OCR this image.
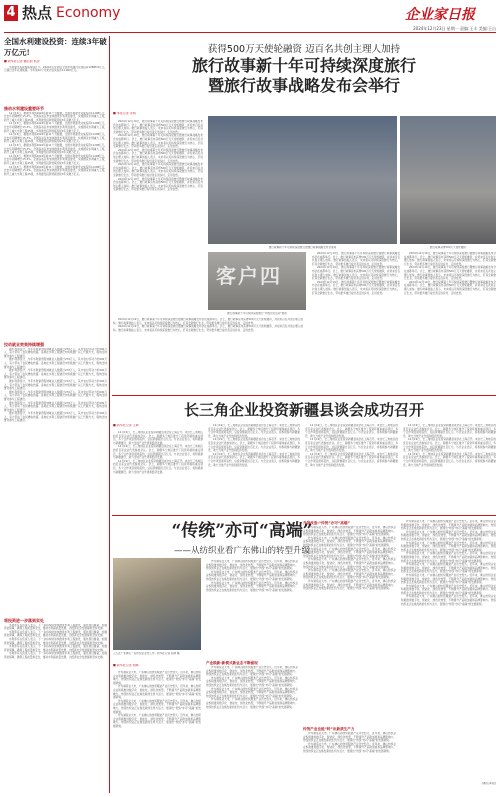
4 热点 Economy	企业家日报
2024年12月23日 星期一 责编:王丰 美编:王山
全国水利建设投资：连续3年破万亿元!
■ 新华社记者 魏弘毅 熊翌

水利建设投资规模持续扩大。2024年1至10月全国水利建设完成投资10888.5亿元，已超过全年完成规模。今年前10个月累计落实投资11,000亿元。

推动水利建设重要环节

12月13日，根据水利部2024年前11个月数据，全国水利建设完成投资11208亿元，比去年同期增长15.3%。全国各省区市加快推进水利项目建设，实施国家水网重大工程，新开工重大水利工程45项，水利建设投资规模连续3年突破万亿元。

12月13日，根据水利部2024年前11个月数据，全国水利建设完成投资11208亿元，比去年同期增长15.3%。全国各省区市加快推进水利项目建设，实施国家水网重大工程，新开工重大水利工程45项，水利建设投资规模连续3年突破万亿元。

12月13日，根据水利部2024年前11个月数据，全国水利建设完成投资11208亿元，比去年同期增长15.3%。全国各省区市加快推进水利项目建设，实施国家水网重大工程，新开工重大水利工程45项，水利建设投资规模连续3年突破万亿元。

12月13日，根据水利部2024年前11个月数据，全国水利建设完成投资11208亿元，比去年同期增长15.3%。全国各省区市加快推进水利项目建设，实施国家水网重大工程，新开工重大水利工程45项，水利建设投资规模连续3年突破万亿元。

12月13日，根据水利部2024年前11个月数据，全国水利建设完成投资11208亿元，比去年同期增长15.3%。全国各省区市加快推进水利项目建设，实施国家水网重大工程，新开工重大水利工程45项，水利建设投资规模连续3年突破万亿元。

12月13日，根据水利部2024年前11个月数据，全国水利建设完成投资11208亿元，比去年同期增长15.3%。全国各省区市加快推进水利项目建设，实施国家水网重大工程，新开工重大水利工程45项，水利建设投资规模连续3年突破万亿元。

拉动就业效果持续增强

据水利部统计，今年水利建设吸纳就业人数超过270万人，其中农村劳动力约200万人，有力带动了农民增收致富。各地在水利工程建设中积极推广以工代赈方式，吸纳当地群众参与工程建设。

据水利部统计，今年水利建设吸纳就业人数超过270万人，其中农村劳动力约200万人，有力带动了农民增收致富。各地在水利工程建设中积极推广以工代赈方式，吸纳当地群众参与工程建设。

据水利部统计，今年水利建设吸纳就业人数超过270万人，其中农村劳动力约200万人，有力带动了农民增收致富。各地在水利工程建设中积极推广以工代赈方式，吸纳当地群众参与工程建设。

据水利部统计，今年水利建设吸纳就业人数超过270万人，其中农村劳动力约200万人，有力带动了农民增收致富。各地在水利工程建设中积极推广以工代赈方式，吸纳当地群众参与工程建设。

据水利部统计，今年水利建设吸纳就业人数超过270万人，其中农村劳动力约200万人，有力带动了农民增收致富。各地在水利工程建设中积极推广以工代赈方式，吸纳当地群众参与工程建设。

据水利部统计，今年水利建设吸纳就业人数超过270万人，其中农村劳动力约200万人，有力带动了农民增收致富。各地在水利工程建设中积极推广以工代赈方式，吸纳当地群众参与工程建设。

据水利部统计，今年水利建设吸纳就业人数超过270万人，其中农村劳动力约200万人，有力带动了农民增收致富。各地在水利工程建设中积极推广以工代赈方式，吸纳当地群众参与工程建设。

将投资进一步落到实处

水利部有关负责人表示，下一步将持续加快推进水利工程建设，强化项目储备，加强资金保障，确保工程质量和安全，推动水利高质量发展，为经济社会发展提供坚实支撑。

水利部有关负责人表示，下一步将持续加快推进水利工程建设，强化项目储备，加强资金保障，确保工程质量和安全，推动水利高质量发展，为经济社会发展提供坚实支撑。

水利部有关负责人表示，下一步将持续加快推进水利工程建设，强化项目储备，加强资金保障，确保工程质量和安全，推动水利高质量发展，为经济社会发展提供坚实支撑。

水利部有关负责人表示，下一步将持续加快推进水利工程建设，强化项目储备，加强资金保障，确保工程质量和安全，推动水利高质量发展，为经济社会发展提供坚实支撑。

水利部有关负责人表示，下一步将持续加快推进水利工程建设，强化项目储备，加强资金保障，确保工程质量和安全，推动水利高质量发展，为经济社会发展提供坚实支撑。

获得500万天使轮融资 迈百名共创主理人加持
旅行故事新十年可持续深度旅行
暨旅行故事战略发布会举行
■ 本报记者 李明

2024年12月19日，旅行故事第十年可持续深度旅行暨旅行故事战略发布会在成都举行。会上，旅行故事宣布获得500万元天使轮融资，并迎来百名共创主理人加持。旅行故事创始人表示，未来将以可持续深度旅行为核心，打造全新旅行生态，带动更多旅行爱好者走进乡村、走进自然。

2024年12月19日，旅行故事第十年可持续深度旅行暨旅行故事战略发布会在成都举行。会上，旅行故事宣布获得500万元天使轮融资，并迎来百名共创主理人加持。旅行故事创始人表示，未来将以可持续深度旅行为核心，打造全新旅行生态，带动更多旅行爱好者走进乡村、走进自然。

2024年12月19日，旅行故事第十年可持续深度旅行暨旅行故事战略发布会在成都举行。会上，旅行故事宣布获得500万元天使轮融资，并迎来百名共创主理人加持。旅行故事创始人表示，未来将以可持续深度旅行为核心，打造全新旅行生态，带动更多旅行爱好者走进乡村、走进自然。

2024年12月19日，旅行故事第十年可持续深度旅行暨旅行故事战略发布会在成都举行。会上，旅行故事宣布获得500万元天使轮融资，并迎来百名共创主理人加持。旅行故事创始人表示，未来将以可持续深度旅行为核心，打造全新旅行生态，带动更多旅行爱好者走进乡村、走进自然。

2024年12月19日，旅行故事第十年可持续深度旅行暨旅行故事战略发布会在成都举行。会上，旅行故事宣布获得500万元天使轮融资，并迎来百名共创主理人加持。旅行故事创始人表示，未来将以可持续深度旅行为核心，打造全新旅行生态，带动更多旅行爱好者走进乡村、走进自然。

旅行故事新十年可持续深度旅行暨旅行故事战略发布会现场	旅行故事获得500万天使轮融资
客户四
旅行故事新十年可持续深度旅行“中国会员活动”现场

2024年12月19日，旅行故事第十年可持续深度旅行暨旅行故事战略发布会在成都举行。会上，旅行故事宣布获得500万元天使轮融资，并迎来百名共创主理人加持。旅行故事创始人表示，未来将以可持续深度旅行为核心，打造全新旅行生态，带动更多旅行爱好者走进乡村、走进自然。

2024年12月19日，旅行故事第十年可持续深度旅行暨旅行故事战略发布会在成都举行。会上，旅行故事宣布获得500万元天使轮融资，并迎来百名共创主理人加持。旅行故事创始人表示，未来将以可持续深度旅行为核心，打造全新旅行生态，带动更多旅行爱好者走进乡村、走进自然。

2024年12月19日，旅行故事第十年可持续深度旅行暨旅行故事战略发布会在成都举行。会上，旅行故事宣布获得500万元天使轮融资，并迎来百名共创主理人加持。旅行故事创始人表示，未来将以可持续深度旅行为核心，打造全新旅行生态，带动更多旅行爱好者走进乡村、走进自然。

2024年12月19日，旅行故事第十年可持续深度旅行暨旅行故事战略发布会在成都举行。会上，旅行故事宣布获得500万元天使轮融资，并迎来百名共创主理人加持。旅行故事创始人表示，未来将以可持续深度旅行为核心，打造全新旅行生态，带动更多旅行爱好者走进乡村、走进自然。

2024年12月19日，旅行故事第十年可持续深度旅行暨旅行故事战略发布会在成都举行。会上，旅行故事宣布获得500万元天使轮融资，并迎来百名共创主理人加持。旅行故事创始人表示，未来将以可持续深度旅行为核心，打造全新旅行生态，带动更多旅行爱好者走进乡村、走进自然。

2024年12月19日，旅行故事第十年可持续深度旅行暨旅行故事战略发布会在成都举行。会上，旅行故事宣布获得500万元天使轮融资，并迎来百名共创主理人加持。旅行故事创始人表示，未来将以可持续深度旅行为核心，打造全新旅行生态，带动更多旅行爱好者走进乡村、走进自然。

2024年12月19日，旅行故事第十年可持续深度旅行暨旅行故事战略发布会在成都举行。会上，旅行故事宣布获得500万元天使轮融资，并迎来百名共创主理人加持。旅行故事创始人表示，未来将以可持续深度旅行为核心，打造全新旅行生态，带动更多旅行爱好者走进乡村、走进自然。

2024年12月19日，旅行故事第十年可持续深度旅行暨旅行故事战略发布会在成都举行。会上，旅行故事宣布获得500万元天使轮融资，并迎来百名共创主理人加持。旅行故事创始人表示，未来将以可持续深度旅行为核心，打造全新旅行生态，带动更多旅行爱好者走进乡村、走进自然。

长三角企业投资新疆县谈会成功召开
■ 新华社记者 王林

12月19日，长三角地区企业投资新疆县谈会在上海召开。来自长三角地区的近百家企业代表参加会议。会上，新疆多个地区推介了投资环境和重点项目，多个合作项目现场签约，总投资额超过百亿元。与会企业表示，将积极参与新疆建设，助力当地产业升级和经济发展。

12月19日，长三角地区企业投资新疆县谈会在上海召开。来自长三角地区的近百家企业代表参加会议。会上，新疆多个地区推介了投资环境和重点项目，多个合作项目现场签约，总投资额超过百亿元。与会企业表示，将积极参与新疆建设，助力当地产业升级和经济发展。

12月19日，长三角地区企业投资新疆县谈会在上海召开。来自长三角地区的近百家企业代表参加会议。会上，新疆多个地区推介了投资环境和重点项目，多个合作项目现场签约，总投资额超过百亿元。与会企业表示，将积极参与新疆建设，助力当地产业升级和经济发展。

12月19日，长三角地区企业投资新疆县谈会在上海召开。来自长三角地区的近百家企业代表参加会议。会上，新疆多个地区推介了投资环境和重点项目，多个合作项目现场签约，总投资额超过百亿元。与会企业表示，将积极参与新疆建设，助力当地产业升级和经济发展。

12月19日，长三角地区企业投资新疆县谈会在上海召开。来自长三角地区的近百家企业代表参加会议。会上，新疆多个地区推介了投资环境和重点项目，多个合作项目现场签约，总投资额超过百亿元。与会企业表示，将积极参与新疆建设，助力当地产业升级和经济发展。

12月19日，长三角地区企业投资新疆县谈会在上海召开。来自长三角地区的近百家企业代表参加会议。会上，新疆多个地区推介了投资环境和重点项目，多个合作项目现场签约，总投资额超过百亿元。与会企业表示，将积极参与新疆建设，助力当地产业升级和经济发展。

12月19日，长三角地区企业投资新疆县谈会在上海召开。来自长三角地区的近百家企业代表参加会议。会上，新疆多个地区推介了投资环境和重点项目，多个合作项目现场签约，总投资额超过百亿元。与会企业表示，将积极参与新疆建设，助力当地产业升级和经济发展。

12月19日，长三角地区企业投资新疆县谈会在上海召开。来自长三角地区的近百家企业代表参加会议。会上，新疆多个地区推介了投资环境和重点项目，多个合作项目现场签约，总投资额超过百亿元。与会企业表示，将积极参与新疆建设，助力当地产业升级和经济发展。

12月19日，长三角地区企业投资新疆县谈会在上海召开。来自长三角地区的近百家企业代表参加会议。会上，新疆多个地区推介了投资环境和重点项目，多个合作项目现场签约，总投资额超过百亿元。与会企业表示，将积极参与新疆建设，助力当地产业升级和经济发展。

12月19日，长三角地区企业投资新疆县谈会在上海召开。来自长三角地区的近百家企业代表参加会议。会上，新疆多个地区推介了投资环境和重点项目，多个合作项目现场签约，总投资额超过百亿元。与会企业表示，将积极参与新疆建设，助力当地产业升级和经济发展。

12月19日，长三角地区企业投资新疆县谈会在上海召开。来自长三角地区的近百家企业代表参加会议。会上，新疆多个地区推介了投资环境和重点项目，多个合作项目现场签约，总投资额超过百亿元。与会企业表示，将积极参与新疆建设，助力当地产业升级和经济发展。

12月19日，长三角地区企业投资新疆县谈会在上海召开。来自长三角地区的近百家企业代表参加会议。会上，新疆多个地区推介了投资环境和重点项目，多个合作项目现场签约，总投资额超过百亿元。与会企业表示，将积极参与新疆建设，助力当地产业升级和经济发展。

“传统”亦可“高端”
——从纺织业看广东佛山的转型升级
工人在广东佛山一家纺织企业内工作。新华社记者 胡林 摄
■ 新华社记者 胡林

作为制造业大市，广东佛山的纺织服装产业历史悠久。近年来，佛山纺织企业积极推进数字化、智能化、绿色化转型，不断提升产品附加值和品牌影响力。传统纺织业正在焕发新的生机与活力，展现出“传统”亦可“高端”的发展新貌。

作为制造业大市，广东佛山的纺织服装产业历史悠久。近年来，佛山纺织企业积极推进数字化、智能化、绿色化转型，不断提升产品附加值和品牌影响力。传统纺织业正在焕发新的生机与活力，展现出“传统”亦可“高端”的发展新貌。

作为制造业大市，广东佛山的纺织服装产业历史悠久。近年来，佛山纺织企业积极推进数字化、智能化、绿色化转型，不断提升产品附加值和品牌影响力。传统纺织业正在焕发新的生机与活力，展现出“传统”亦可“高端”的发展新貌。

作为制造业大市，广东佛山的纺织服装产业历史悠久。近年来，佛山纺织企业积极推进数字化、智能化、绿色化转型，不断提升产品附加值和品牌影响力。传统纺织业正在焕发新的生机与活力，展现出“传统”亦可“高端”的发展新貌。

作为制造业大市，广东佛山的纺织服装产业历史悠久。近年来，佛山纺织企业积极推进数字化、智能化、绿色化转型，不断提升产品附加值和品牌影响力。传统纺织业正在焕发新的生机与活力，展现出“传统”亦可“高端”的发展新貌。

作为制造业大市，广东佛山的纺织服装产业历史悠久。近年来，佛山纺织企业积极推进数字化、智能化、绿色化转型，不断提升产品附加值和品牌影响力。传统纺织业正在焕发新的生机与活力，展现出“传统”亦可“高端”的发展新貌。

作为制造业大市，广东佛山的纺织服装产业历史悠久。近年来，佛山纺织企业积极推进数字化、智能化、绿色化转型，不断提升产品附加值和品牌影响力。传统纺织业正在焕发新的生机与活力，展现出“传统”亦可“高端”的发展新貌。

产业焕新:新模式新业态不断涌现

作为制造业大市，广东佛山的纺织服装产业历史悠久。近年来，佛山纺织企业积极推进数字化、智能化、绿色化转型，不断提升产品附加值和品牌影响力。传统纺织业正在焕发新的生机与活力，展现出“传统”亦可“高端”的发展新貌。

作为制造业大市，广东佛山的纺织服装产业历史悠久。近年来，佛山纺织企业积极推进数字化、智能化、绿色化转型，不断提升产品附加值和品牌影响力。传统纺织业正在焕发新的生机与活力，展现出“传统”亦可“高端”的发展新貌。

作为制造业大市，广东佛山的纺织服装产业历史悠久。近年来，佛山纺织企业积极推进数字化、智能化、绿色化转型，不断提升产品附加值和品牌影响力。传统纺织业正在焕发新的生机与活力，展现出“传统”亦可“高端”的发展新貌。

作为制造业大市，广东佛山的纺织服装产业历史悠久。近年来，佛山纺织企业积极推进数字化、智能化、绿色化转型，不断提升产品附加值和品牌影响力。传统纺织业正在焕发新的生机与活力，展现出“传统”亦可“高端”的发展新貌。

升级改造:“传统”亦可“高端”

作为制造业大市，广东佛山的纺织服装产业历史悠久。近年来，佛山纺织企业积极推进数字化、智能化、绿色化转型，不断提升产品附加值和品牌影响力。传统纺织业正在焕发新的生机与活力，展现出“传统”亦可“高端”的发展新貌。

作为制造业大市，广东佛山的纺织服装产业历史悠久。近年来，佛山纺织企业积极推进数字化、智能化、绿色化转型，不断提升产品附加值和品牌影响力。传统纺织业正在焕发新的生机与活力，展现出“传统”亦可“高端”的发展新貌。

作为制造业大市，广东佛山的纺织服装产业历史悠久。近年来，佛山纺织企业积极推进数字化、智能化、绿色化转型，不断提升产品附加值和品牌影响力。传统纺织业正在焕发新的生机与活力，展现出“传统”亦可“高端”的发展新貌。

作为制造业大市，广东佛山的纺织服装产业历史悠久。近年来，佛山纺织企业积极推进数字化、智能化、绿色化转型，不断提升产品附加值和品牌影响力。传统纺织业正在焕发新的生机与活力，展现出“传统”亦可“高端”的发展新貌。

作为制造业大市，广东佛山的纺织服装产业历史悠久。近年来，佛山纺织企业积极推进数字化、智能化、绿色化转型，不断提升产品附加值和品牌影响力。传统纺织业正在焕发新的生机与活力，展现出“传统”亦可“高端”的发展新貌。

作为制造业大市，广东佛山的纺织服装产业历史悠久。近年来，佛山纺织企业积极推进数字化、智能化、绿色化转型，不断提升产品附加值和品牌影响力。传统纺织业正在焕发新的生机与活力，展现出“传统”亦可“高端”的发展新貌。

传统产业也能“转”出新质生产力

作为制造业大市，广东佛山的纺织服装产业历史悠久。近年来，佛山纺织企业积极推进数字化、智能化、绿色化转型，不断提升产品附加值和品牌影响力。传统纺织业正在焕发新的生机与活力，展现出“传统”亦可“高端”的发展新貌。

作为制造业大市，广东佛山的纺织服装产业历史悠久。近年来，佛山纺织企业积极推进数字化、智能化、绿色化转型，不断提升产品附加值和品牌影响力。传统纺织业正在焕发新的生机与活力，展现出“传统”亦可“高端”的发展新貌。

作为制造业大市，广东佛山的纺织服装产业历史悠久。近年来，佛山纺织企业积极推进数字化、智能化、绿色化转型，不断提升产品附加值和品牌影响力。传统纺织业正在焕发新的生机与活力，展现出“传统”亦可“高端”的发展新貌。

作为制造业大市，广东佛山的纺织服装产业历史悠久。近年来，佛山纺织企业积极推进数字化、智能化、绿色化转型，不断提升产品附加值和品牌影响力。传统纺织业正在焕发新的生机与活力，展现出“传统”亦可“高端”的发展新貌。

作为制造业大市，广东佛山的纺织服装产业历史悠久。近年来，佛山纺织企业积极推进数字化、智能化、绿色化转型，不断提升产品附加值和品牌影响力。传统纺织业正在焕发新的生机与活力，展现出“传统”亦可“高端”的发展新貌。

作为制造业大市，广东佛山的纺织服装产业历史悠久。近年来，佛山纺织企业积极推进数字化、智能化、绿色化转型，不断提升产品附加值和品牌影响力。传统纺织业正在焕发新的生机与活力，展现出“传统”亦可“高端”的发展新貌。

作为制造业大市，广东佛山的纺织服装产业历史悠久。近年来，佛山纺织企业积极推进数字化、智能化、绿色化转型，不断提升产品附加值和品牌影响力。传统纺织业正在焕发新的生机与活力，展现出“传统”亦可“高端”的发展新貌。

作为制造业大市，广东佛山的纺织服装产业历史悠久。近年来，佛山纺织企业积极推进数字化、智能化、绿色化转型，不断提升产品附加值和品牌影响力。传统纺织业正在焕发新的生机与活力，展现出“传统”亦可“高端”的发展新貌。

作为制造业大市，广东佛山的纺织服装产业历史悠久。近年来，佛山纺织企业积极推进数字化、智能化、绿色化转型，不断提升产品附加值和品牌影响力。传统纺织业正在焕发新的生机与活力，展现出“传统”亦可“高端”的发展新貌。

作为制造业大市，广东佛山的纺织服装产业历史悠久。近年来，佛山纺织企业积极推进数字化、智能化、绿色化转型，不断提升产品附加值和品牌影响力。传统纺织业正在焕发新的生机与活力，展现出“传统”亦可“高端”的发展新貌。

(署名本报)
